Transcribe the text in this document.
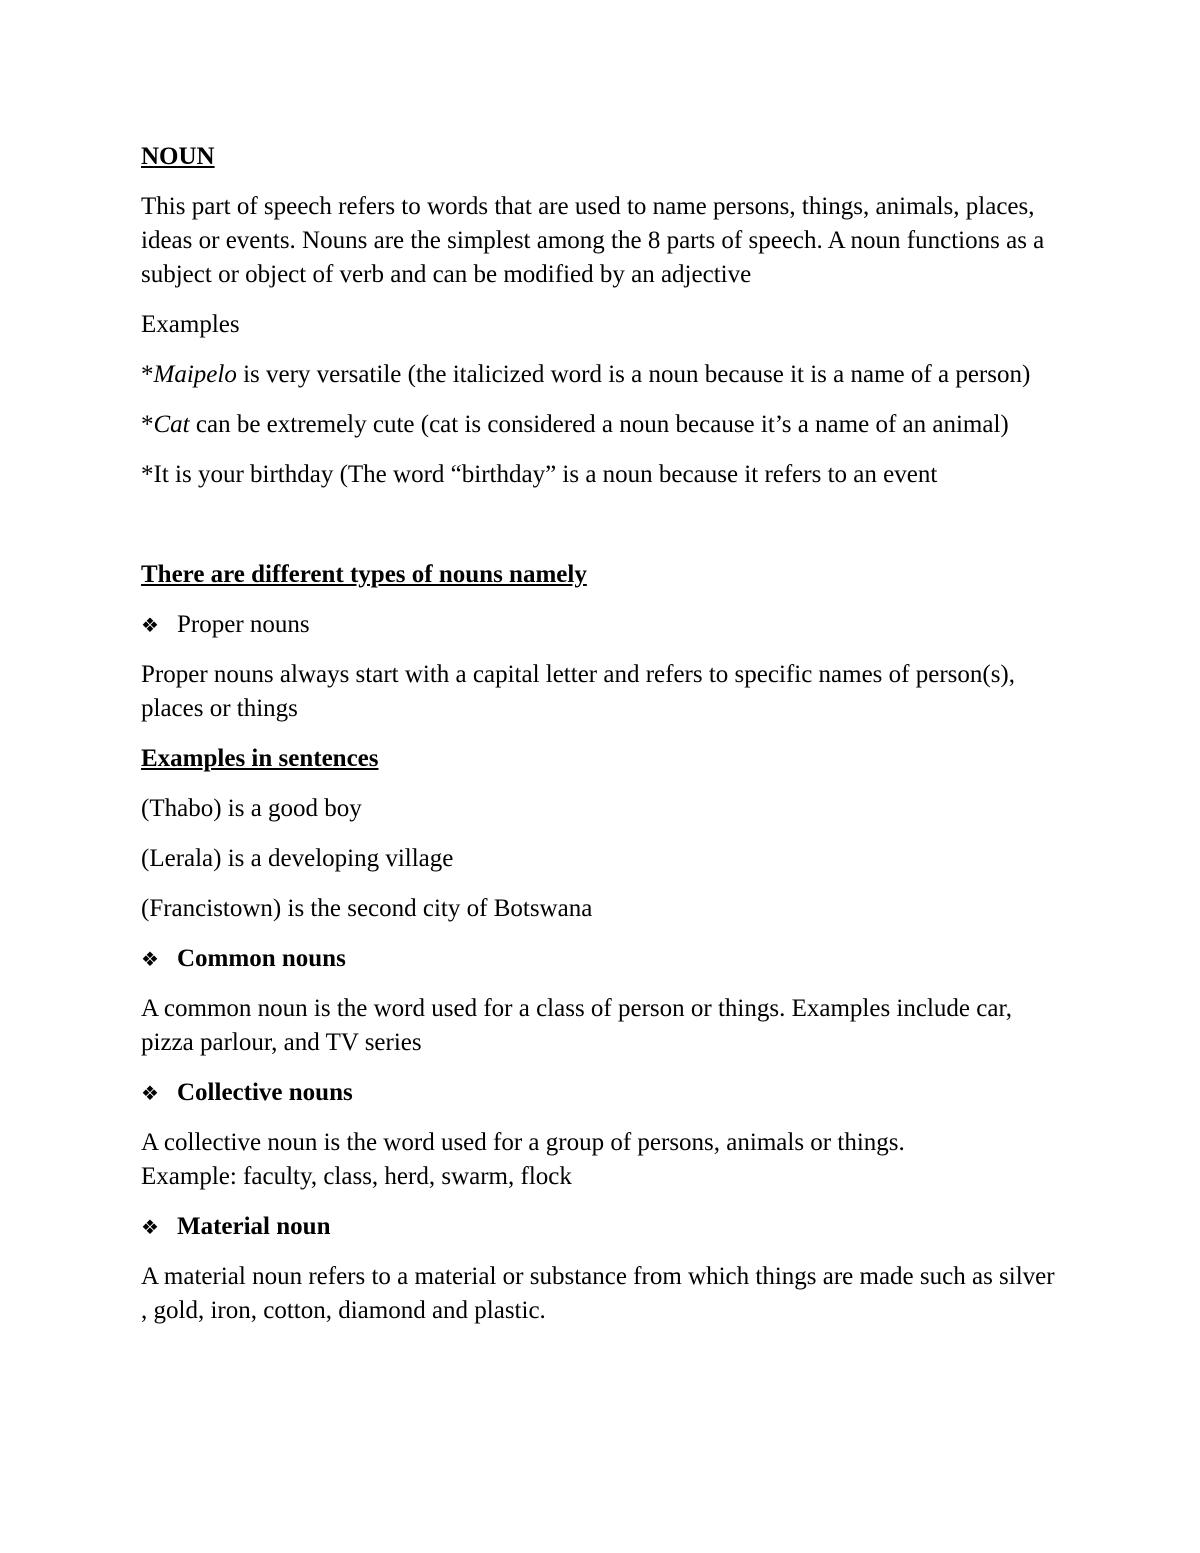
NOUN

This part of speech refers to words that are used to name persons, things, animals, places, ideas or events. Nouns are the simplest among the 8 parts of speech. A noun functions as a subject or object of verb and can be modified by an adjective

Examples

*Maipelo is very versatile (the italicized word is a noun because it is a name of a person)

*Cat can be extremely cute (cat is considered a noun because it’s a name of an animal)

*It is your birthday (The word “birthday” is a noun because it refers to an event

There are different types of nouns namely

❖ Proper nouns

Proper nouns always start with a capital letter and refers to specific names of person(s), places or things

Examples in sentences

(Thabo) is a good boy

(Lerala) is a developing village

(Francistown) is the second city of Botswana

❖ Common nouns

A common noun is the word used for a class of person or things. Examples include car, pizza parlour, and TV series

❖ Collective nouns

A collective noun is the word used for a group of persons, animals or things.
Example: faculty, class, herd, swarm, flock

❖ Material noun

A material noun refers to a material or substance from which things are made such as silver , gold, iron, cotton, diamond and plastic.
